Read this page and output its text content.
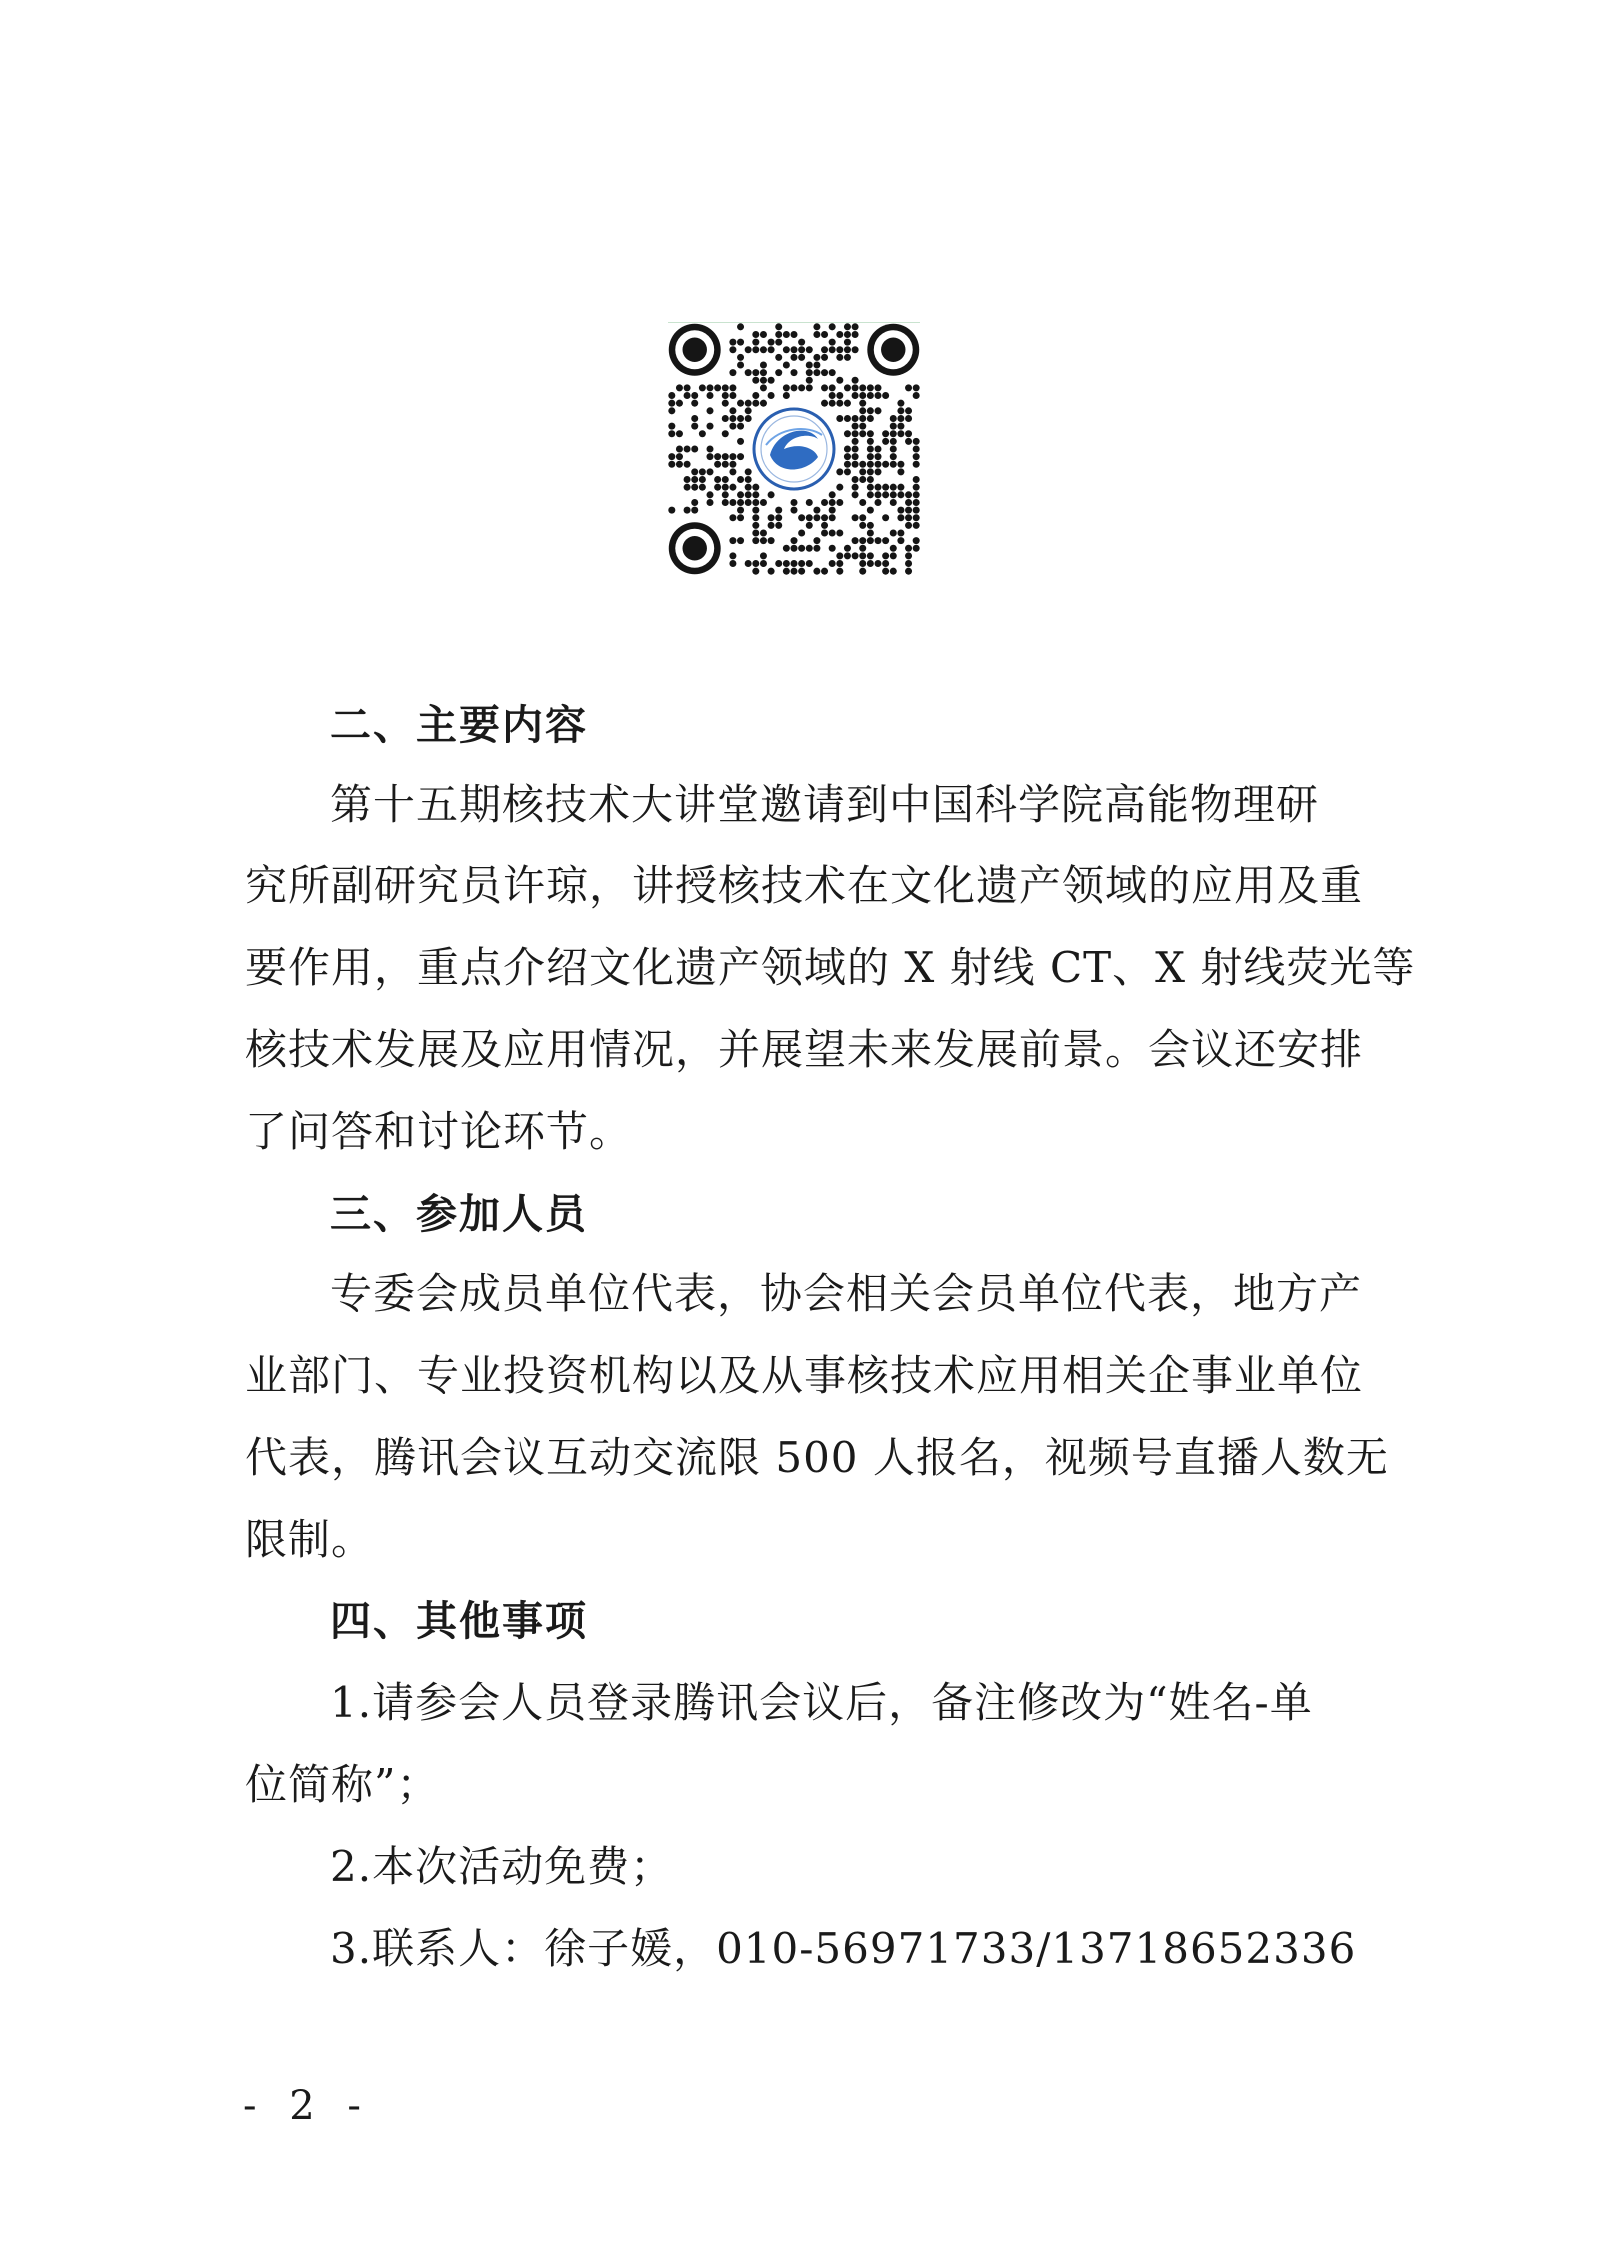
二、主要内容
第十五期核技术大讲堂邀请到中国科学院高能物理研
究所副研究员许琼，讲授核技术在文化遗产领域的应用及重
要作用，重点介绍文化遗产领域的 X 射线 CT、X 射线荧光等
核技术发展及应用情况，并展望未来发展前景。会议还安排
了问答和讨论环节。
三、参加人员
专委会成员单位代表，协会相关会员单位代表，地方产
业部门、专业投资机构以及从事核技术应用相关企事业单位
代表，腾讯会议互动交流限 500 人报名，视频号直播人数无
限制。
四、其他事项
1.请参会人员登录腾讯会议后，备注修改为“姓名-单
位简称”；
2.本次活动免费；
3.联系人：徐子媛，010-56971733/13718652336
- 2 -
